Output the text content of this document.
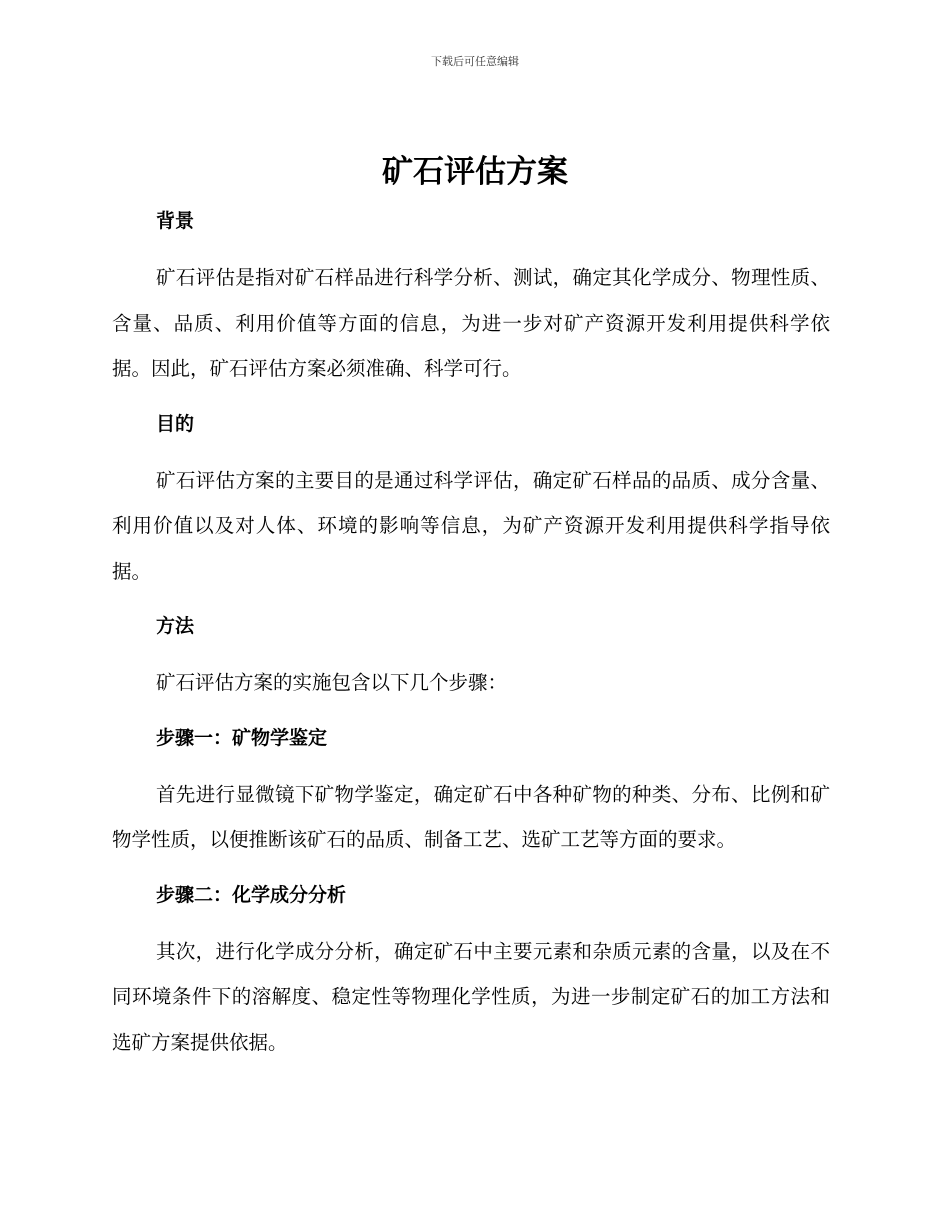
下载后可任意编辑
矿石评估方案
背景

矿石评估是指对矿石样品进行科学分析、测试，确定其化学成分、物理性质、含量、品质、利用价值等方面的信息，为进一步对矿产资源开发利用提供科学依据。因此，矿石评估方案必须准确、科学可行。

目的

矿石评估方案的主要目的是通过科学评估，确定矿石样品的品质、成分含量、利用价值以及对人体、环境的影响等信息，为矿产资源开发利用提供科学指导依据。

方法

矿石评估方案的实施包含以下几个步骤：

步骤一：矿物学鉴定

首先进行显微镜下矿物学鉴定，确定矿石中各种矿物的种类、分布、比例和矿物学性质，以便推断该矿石的品质、制备工艺、选矿工艺等方面的要求。

步骤二：化学成分分析

其次，进行化学成分分析，确定矿石中主要元素和杂质元素的含量，以及在不同环境条件下的溶解度、稳定性等物理化学性质，为进一步制定矿石的加工方法和选矿方案提供依据。
